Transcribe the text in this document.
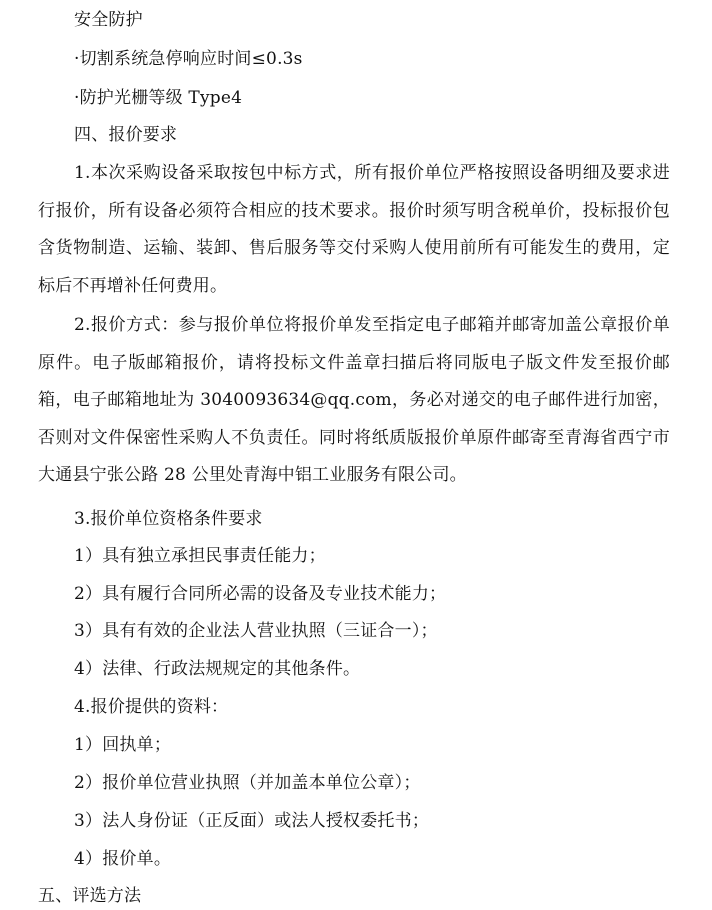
安全防护
·切割系统急停响应时间≤0.3s
·防护光栅等级 Type4
四、报价要求
1.本次采购设备采取按包中标方式，所有报价单位严格按照设备明细及要求进行报价，所有设备必须符合相应的技术要求。报价时须写明含税单价，投标报价包含货物制造、运输、装卸、售后服务等交付采购人使用前所有可能发生的费用，定标后不再增补任何费用。
2.报价方式：参与报价单位将报价单发至指定电子邮箱并邮寄加盖公章报价单原件。电子版邮箱报价，请将投标文件盖章扫描后将同版电子版文件发至报价邮箱，电子邮箱地址为 3040093634@qq.com，务必对递交的电子邮件进行加密，否则对文件保密性采购人不负责任。同时将纸质版报价单原件邮寄至青海省西宁市大通县宁张公路 28 公里处青海中铝工业服务有限公司。
3.报价单位资格条件要求
1）具有独立承担民事责任能力；
2）具有履行合同所必需的设备及专业技术能力；
3）具有有效的企业法人营业执照（三证合一）；
4）法律、行政法规规定的其他条件。
4.报价提供的资料：
1）回执单；
2）报价单位营业执照（并加盖本单位公章）；
3）法人身份证（正反面）或法人授权委托书；
4）报价单。
五、评选方法
